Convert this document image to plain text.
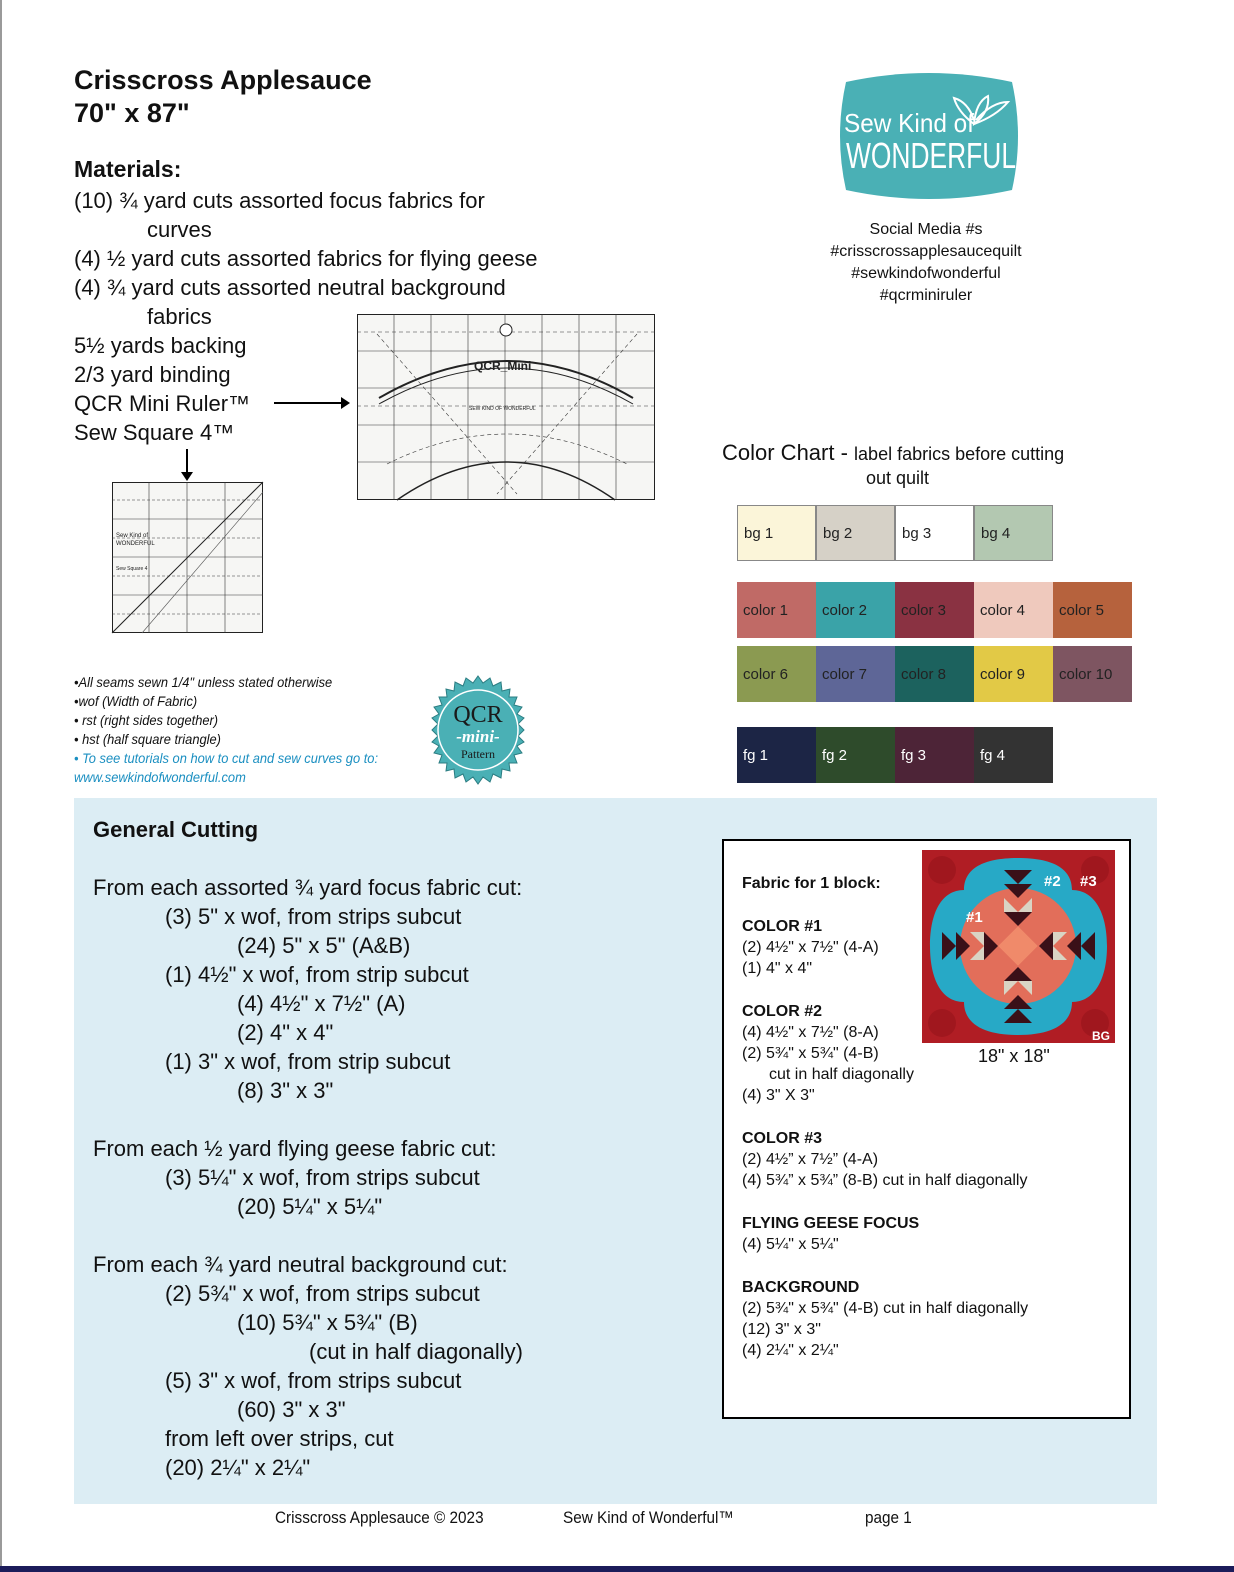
Crisscross Applesauce
70" x 87"
Materials:
(10) ¾ yard cuts assorted focus fabrics for
curves
(4) ½ yard cuts assorted fabrics for flying geese
(4) ¾ yard cuts assorted neutral background
fabrics
5½ yards backing
2/3 yard binding
QCR Mini Ruler™
Sew Square 4™
QCR_Mini
SEW KIND OF WONDERFUL
Sew Kind of
WONDERFUL
Sew Square 4
Sew Kind of
WONDERFUL
Social Media #s
#crisscrossapplesaucequilt
#sewkindofwonderful
#qcrminiruler
•All seams sewn 1/4" unless stated otherwise
•wof (Width of Fabric)
• rst (right sides together)
• hst (half square triangle)
• To see tutorials on how to cut and sew curves go to:
www.sewkindofwonderful.com
QCR
-mini-
Pattern
Color Chart - label fabrics before cutting
out quilt
bg 1	bg 2	bg 3	bg 4
color 1	color 2	color 3	color 4	color 5
color 6	color 7	color 8	color 9	color 10
fg 1	fg 2	fg 3	fg 4
General Cutting
From each assorted ¾ yard focus fabric cut:
(3) 5" x wof, from strips subcut
(24) 5" x 5" (A&B)
(1) 4½" x wof, from strip subcut
(4) 4½" x 7½" (A)
(2) 4" x 4"
(1) 3" x wof, from strip subcut
(8) 3" x 3"
From each ½ yard flying geese fabric cut:
(3) 5¼" x wof, from strips subcut
(20) 5¼" x 5¼"
From each ¾ yard neutral background cut:
(2) 5¾" x wof, from strips subcut
(10) 5¾" x 5¾" (B)
(cut in half diagonally)
(5) 3" x wof, from strips subcut
(60) 3" x 3"
from left over strips, cut
(20) 2¼" x 2¼"
Fabric for 1 block:
COLOR #1
(2) 4½" x 7½" (4-A)
(1) 4" x 4"
COLOR #2
(4) 4½" x 7½" (8-A)
(2) 5¾" x 5¾" (4-B)
cut in half diagonally
(4) 3" X 3"
COLOR #3
(2) 4½” x 7½” (4-A)
(4) 5¾” x 5¾” (8-B) cut in half diagonally
FLYING GEESE FOCUS
(4) 5¼" x 5¼"
BACKGROUND
(2) 5¾" x 5¾" (4-B) cut in half diagonally
(12) 3" x 3"
(4) 2¼" x 2¼"
#1
#2 #3
BG
18" x 18"
Crisscross Applesauce © 2023	Sew Kind of Wonderful™	page 1
